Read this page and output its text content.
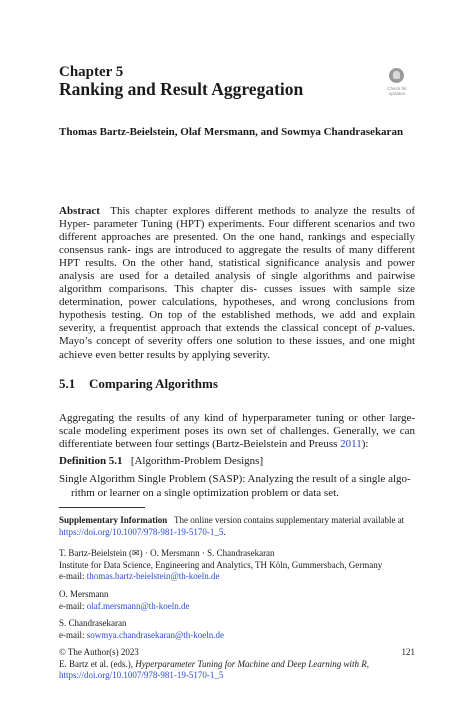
Chapter 5
Ranking and Result Aggregation	Check for
updates
Thomas Bartz-Beielstein, Olaf Mersmann, and Sowmya Chandrasekaran
Abstract This chapter explores different methods to analyze the results of Hyper- parameter Tuning (HPT) experiments. Four different scenarios and two different approaches are presented. On the one hand, rankings and especially consensus rank- ings are introduced to aggregate the results of many different HPT results. On the other hand, statistical significance analysis and power analysis are used for a detailed analysis of single algorithms and pairwise algorithm comparisons. This chapter dis- cusses issues with sample size determination, power calculations, hypotheses, and wrong conclusions from hypothesis testing. On top of the established methods, we add and explain severity, a frequentist approach that extends the classical concept of p-values. Mayo’s concept of severity offers one solution to these issues, and one might achieve even better results by applying severity.
5.1 Comparing Algorithms
Aggregating the results of any kind of hyperparameter tuning or other large-scale modeling experiment poses its own set of challenges. Generally, we can differentiate between four settings (Bartz-Beielstein and Preuss 2011):
Definition 5.1 [Algorithm-Problem Designs]
Single Algorithm Single Problem (SASP): Analyzing the result of a single algo-
rithm or learner on a single optimization problem or data set.
Supplementary Information The online version contains supplementary material available at
https://doi.org/10.1007/978-981-19-5170-1_5.
T. Bartz-Beielstein (✉) · O. Mersmann · S. Chandrasekaran
Institute for Data Science, Engineering and Analytics, TH Köln, Gummersbach, Germany
e-mail: thomas.bartz-beielstein@th-koeln.de
O. Mersmann
e-mail: olaf.mersmann@th-koeln.de
S. Chandrasekaran
e-mail: sowmya.chandrasekaran@th-koeln.de
© The Author(s) 2023
E. Bartz et al. (eds.), Hyperparameter Tuning for Machine and Deep Learning with R,
https://doi.org/10.1007/978-981-19-5170-1_5
121
